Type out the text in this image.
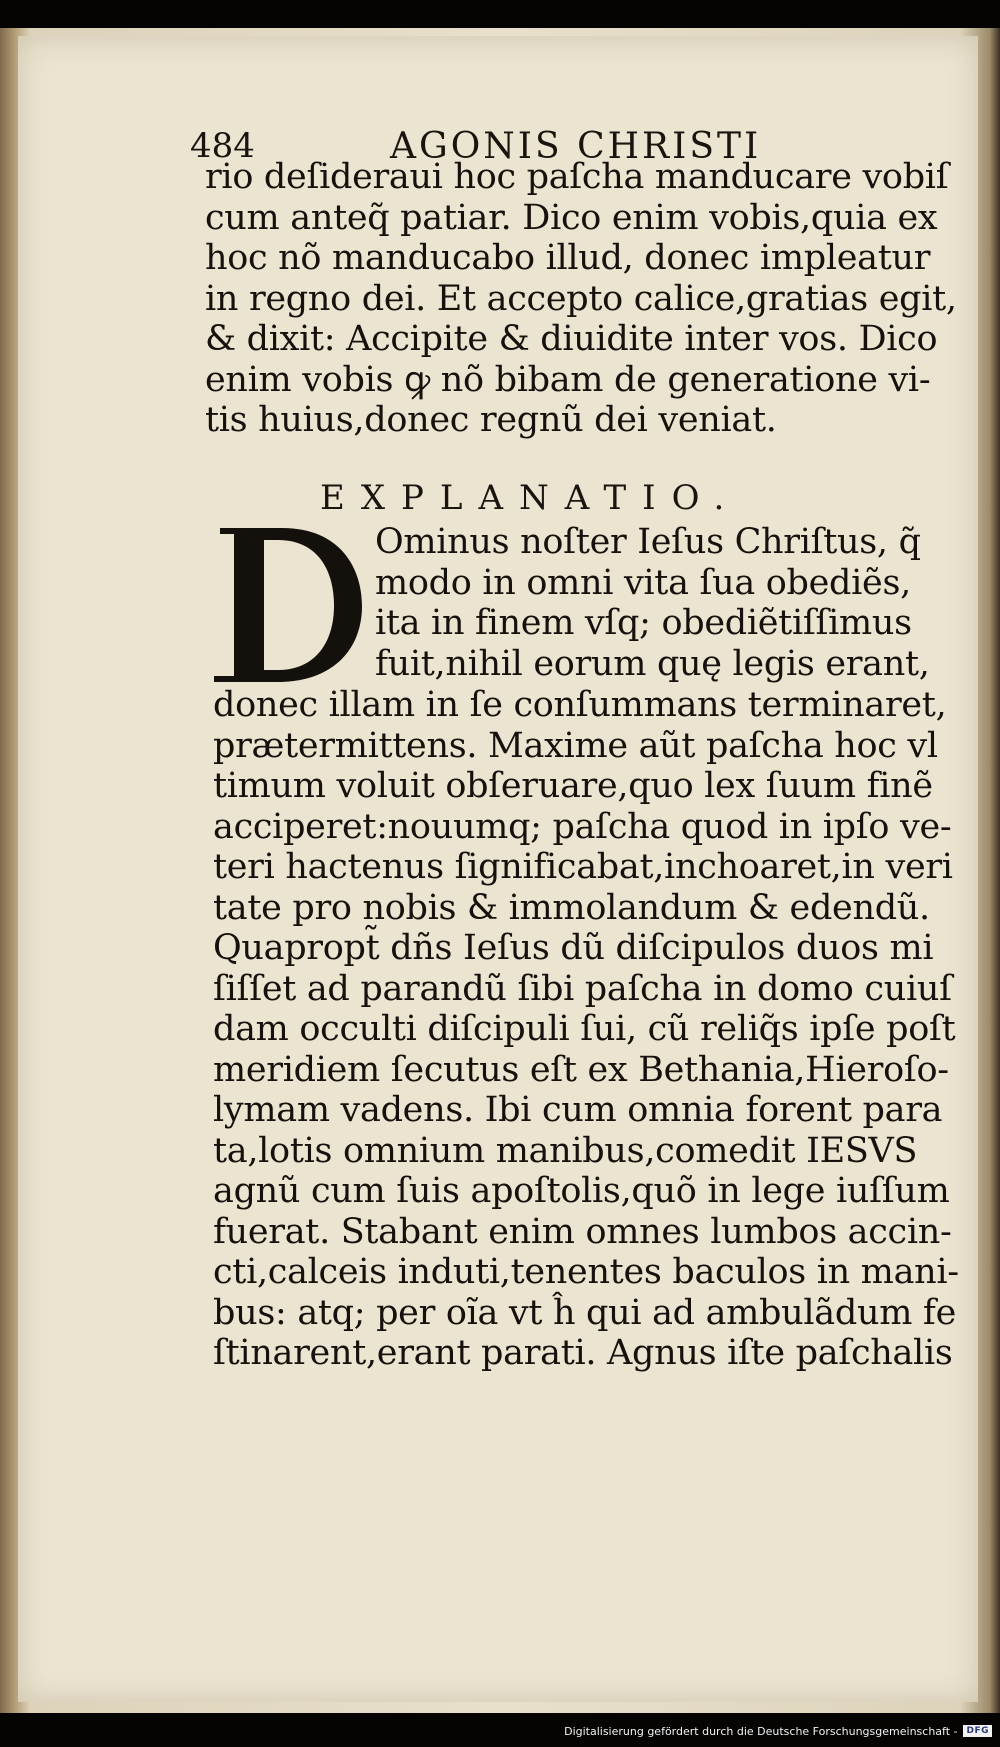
484	AGONIS CHRISTI
rio deſideraui hoc paſcha manducare vobiſ
cum anteq̃ patiar. Dico enim vobis,quia ex
hoc nõ manducabo illud, donec impleatur
in regno dei. Et accepto calice,gratias egit,
& dixit: Accipite & diuidite inter vos. Dico
enim vobis ꝙ nõ bibam de generatione vi-
tis huius,donec regnũ dei veniat.
EXPLANATIO.
D
Ominus noſter Ieſus Chriſtus, q̃
modo in omni vita ſua obediẽs,
ita in finem vſq; obediẽtiſſimus
fuit,nihil eorum quę legis erant,
donec illam in ſe conſummans terminaret,
prætermittens. Maxime aũt paſcha hoc vl
timum voluit obſeruare,quo lex ſuum finẽ
acciperet:nouumq; paſcha quod in ipſo ve-
teri hactenus ſignificabat,inchoaret,in veri
tate pro nobis & immolandum & edendũ.
Quapropt̃ dñs Ieſus dũ diſcipulos duos mi
ſiſſet ad parandũ ſibi paſcha in domo cuiuſ
dam occulti diſcipuli ſui, cũ reliq̃s ipſe poſt
meridiem ſecutus eſt ex Bethania,Hieroſo-
lymam vadens. Ibi cum omnia forent para
ta,lotis omnium manibus,comedit IESVS
agnũ cum ſuis apoſtolis,quõ in lege iuſſum
fuerat. Stabant enim omnes lumbos accin-
cti,calceis induti,tenentes baculos in mani-
bus: atq; per oĩa vt ĥ qui ad ambulãdum fe
ſtinarent,erant parati. Agnus iſte paſchalis
Digitalisierung gefördert durch die Deutsche Forschungsgemeinschaft -	DFG
